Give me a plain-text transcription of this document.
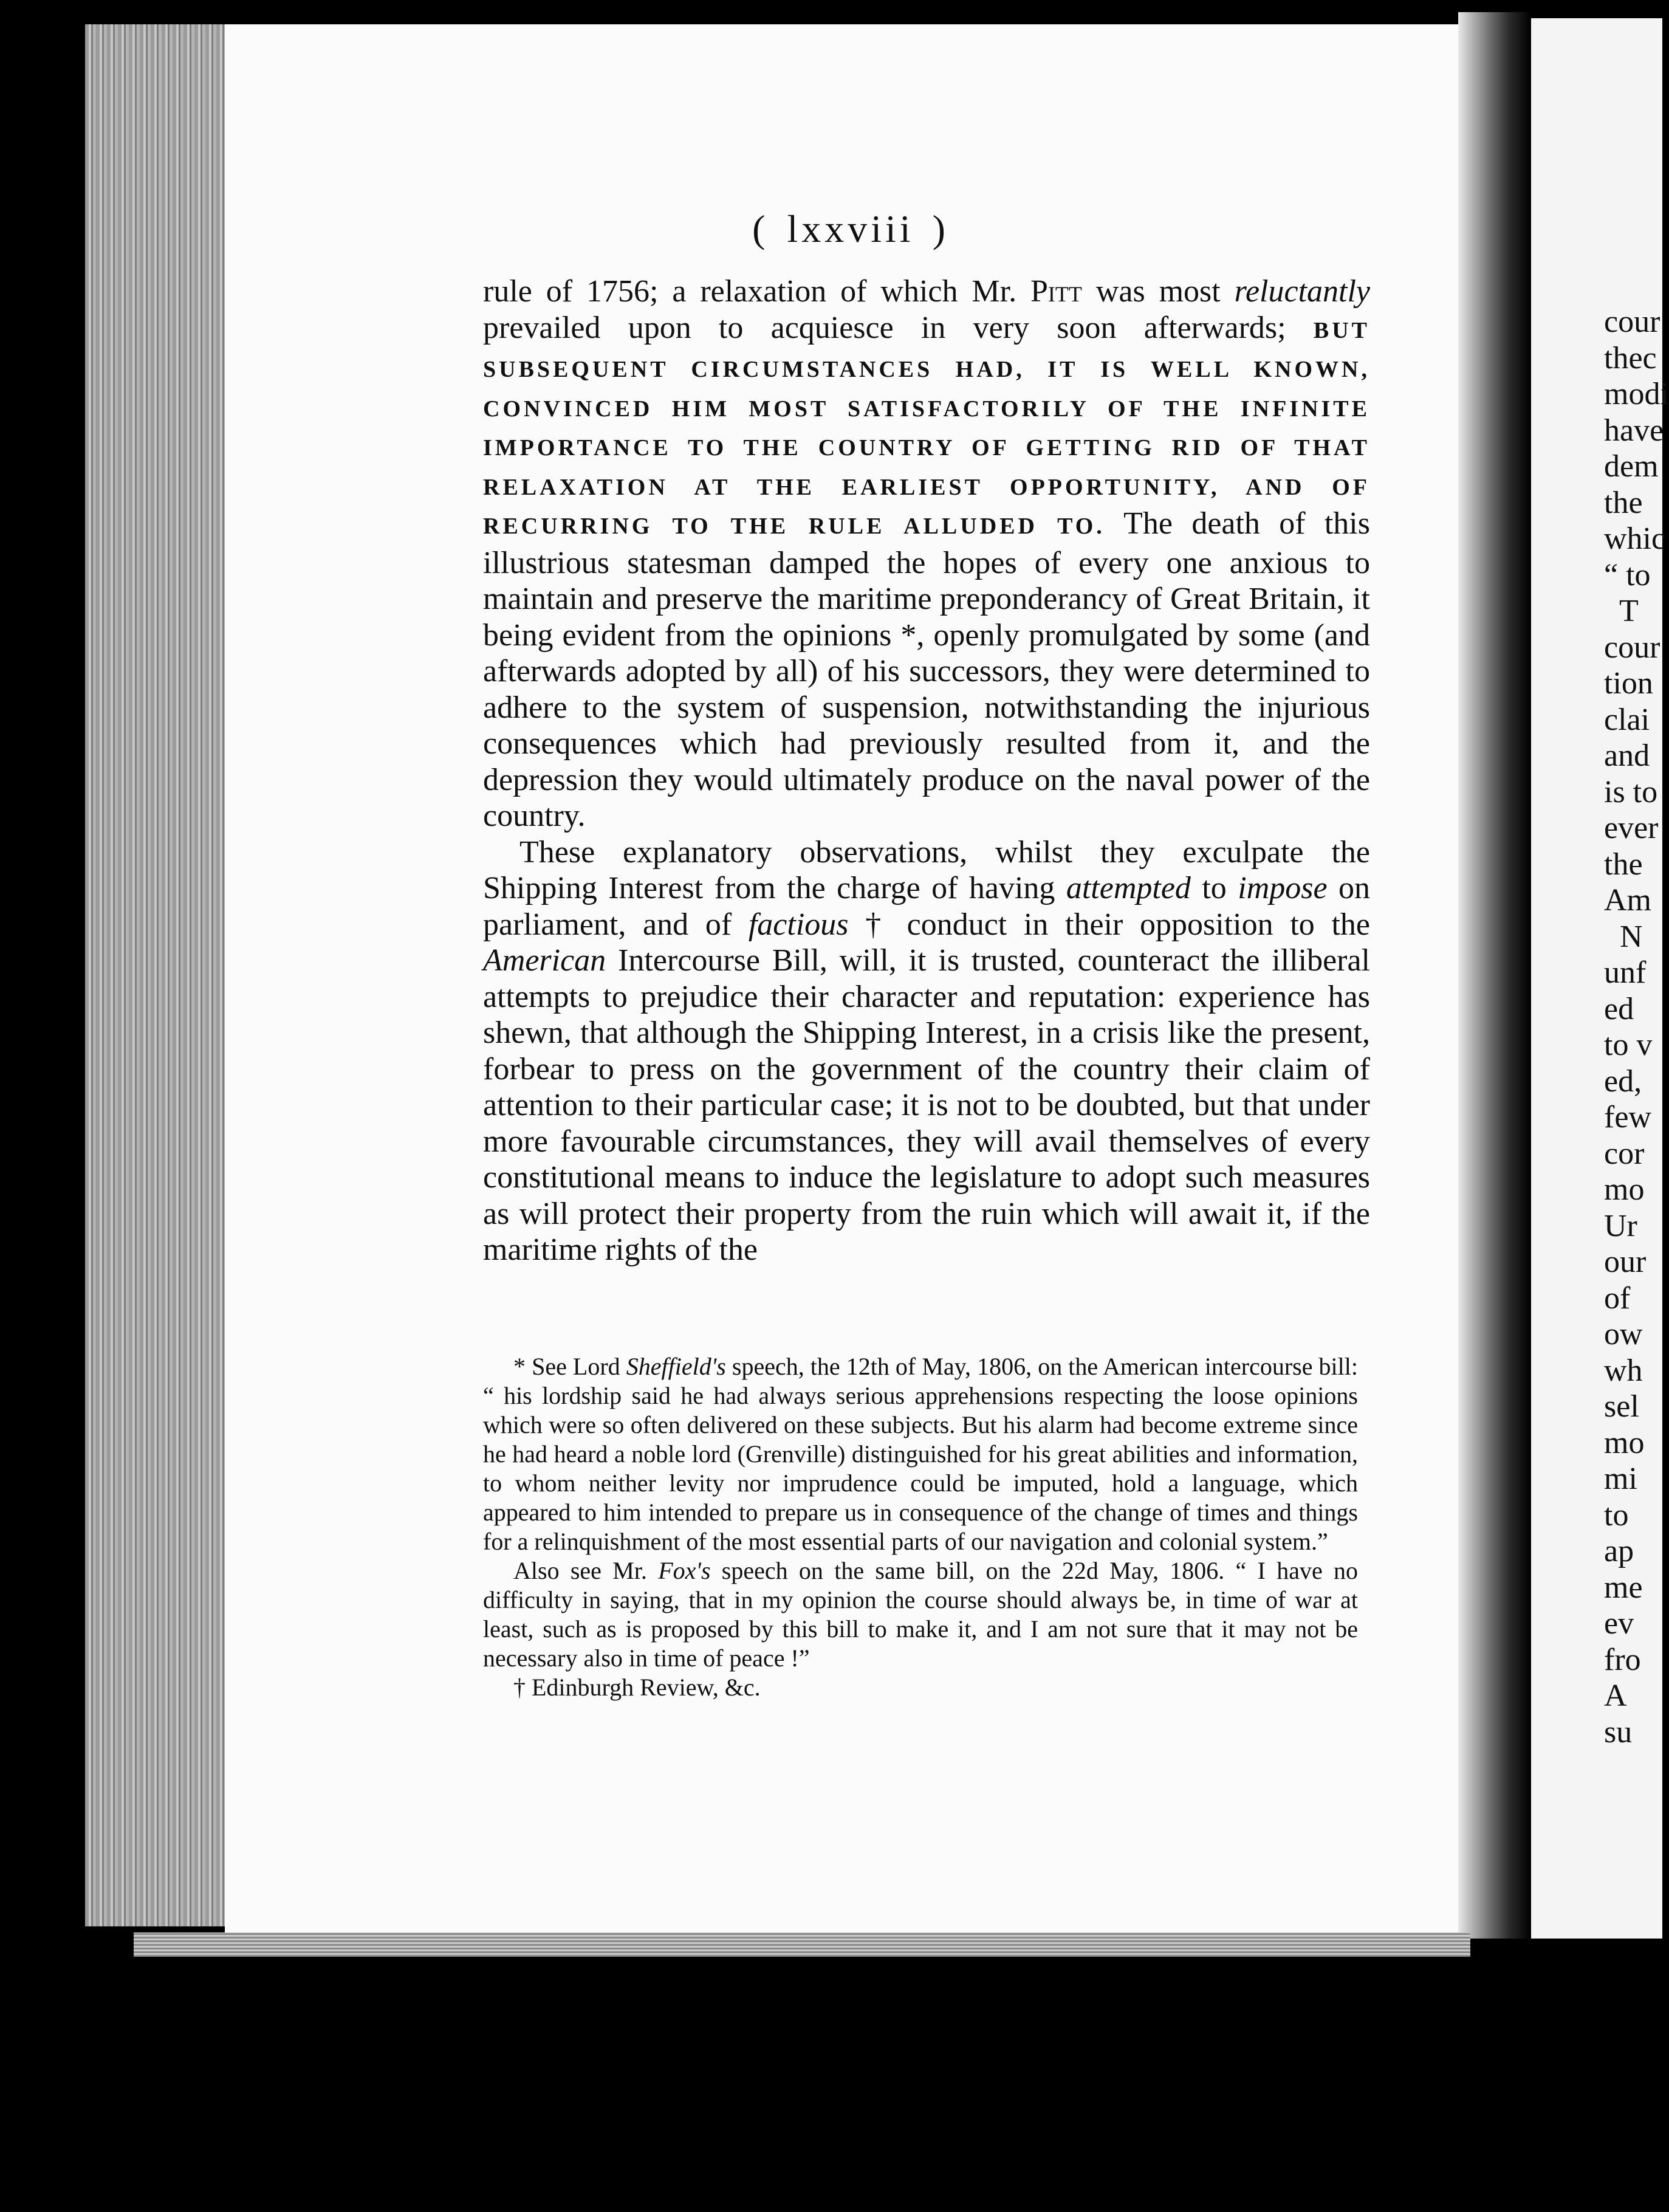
( lxxviii )

rule of 1756; a relaxation of which Mr. Pitt was most reluctantly prevailed upon to acquiesce in very soon afterwards; BUT SUBSEQUENT CIRCUMSTANCES HAD, IT IS WELL KNOWN, CONVINCED HIM MOST SATISFACTORILY OF THE INFINITE IMPORTANCE TO THE COUNTRY OF GETTING RID OF THAT RELAXATION AT THE EARLIEST OPPORTUNITY, AND OF RECURRING TO THE RULE ALLUDED TO. The death of this illustrious statesman damped the hopes of every one anxious to maintain and preserve the maritime preponderancy of Great Britain, it being evident from the opinions *, openly promulgated by some (and afterwards adopted by all) of his successors, they were determined to adhere to the system of suspension, notwithstanding the injurious consequences which had previously resulted from it, and the depression they would ultimately produce on the naval power of the country.

These explanatory observations, whilst they exculpate the Shipping Interest from the charge of having attempted to impose on parliament, and of factious † conduct in their opposition to the American Intercourse Bill, will, it is trusted, counteract the illiberal attempts to prejudice their character and reputation: experience has shewn, that although the Shipping Interest, in a crisis like the present, forbear to press on the government of the country their claim of attention to their particular case; it is not to be doubted, but that under more favourable circumstances, they will avail themselves of every constitutional means to induce the legislature to adopt such measures as will protect their property from the ruin which will await it, if the maritime rights of the

* See Lord Sheffield's speech, the 12th of May, 1806, on the American intercourse bill: “ his lordship said he had always serious apprehensions respecting the loose opinions which were so often delivered on these subjects. But his alarm had become extreme since he had heard a noble lord (Grenville) distinguished for his great abilities and information, to whom neither levity nor imprudence could be imputed, hold a language, which appeared to him intended to prepare us in consequence of the change of times and things for a relinquishment of the most essential parts of our navigation and colonial system.”

Also see Mr. Fox's speech on the same bill, on the 22d May, 1806. “ I have no difficulty in saying, that in my opinion the course should always be, in time of war at least, such as is proposed by this bill to make it, and I am not sure that it may not be necessary also in time of peace !”

† Edinburgh Review, &c.

cour
thec
modi
have
dem
the
whic
“ to
T
cour
tion
clai
and
is to
ever
the
Am
N
unf
ed
to v
ed,
few
cor
mo
Ur
our
of
ow
wh
sel
mo
mi
to
ap
me
ev
fro
A
su
